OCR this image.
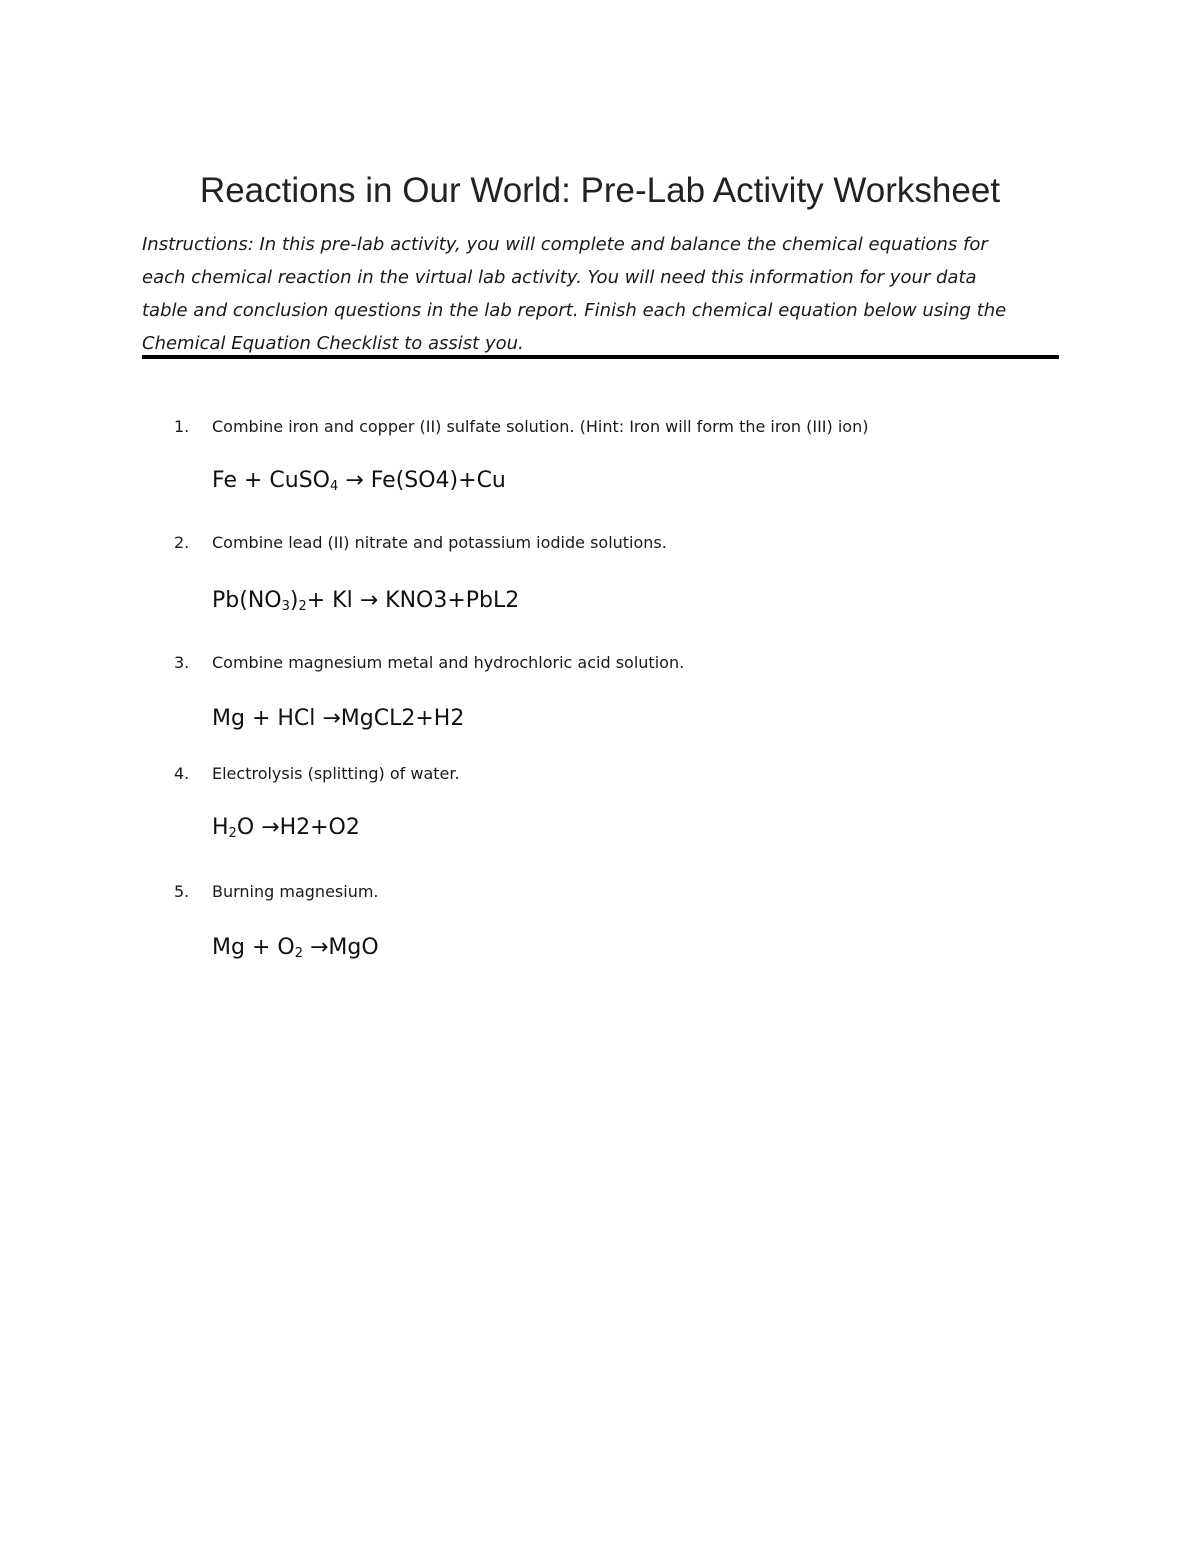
Reactions in Our World: Pre-Lab Activity Worksheet

Instructions: In this pre-lab activity, you will complete and balance the chemical equations for
each chemical reaction in the virtual lab activity. You will need this information for your data
table and conclusion questions in the lab report. Finish each chemical equation below using the
Chemical Equation Checklist to assist you.

1. Combine iron and copper (II) sulfate solution. (Hint: Iron will form the iron (III) ion)
Fe + CuSO$_4$ → Fe(SO4)+Cu
2. Combine lead (II) nitrate and potassium iodide solutions.
$Pb(NO_3)_2+ Kl \to KNO3+PbL2$
3. Combine magnesium metal and hydrochloric acid solution.
Mg + HCl →MgCL2+H2
4. Electrolysis (splitting) of water.
$H_2O \to H2+O2$
5. Burning magnesium.
$Mg + O_2 \to MgO$
